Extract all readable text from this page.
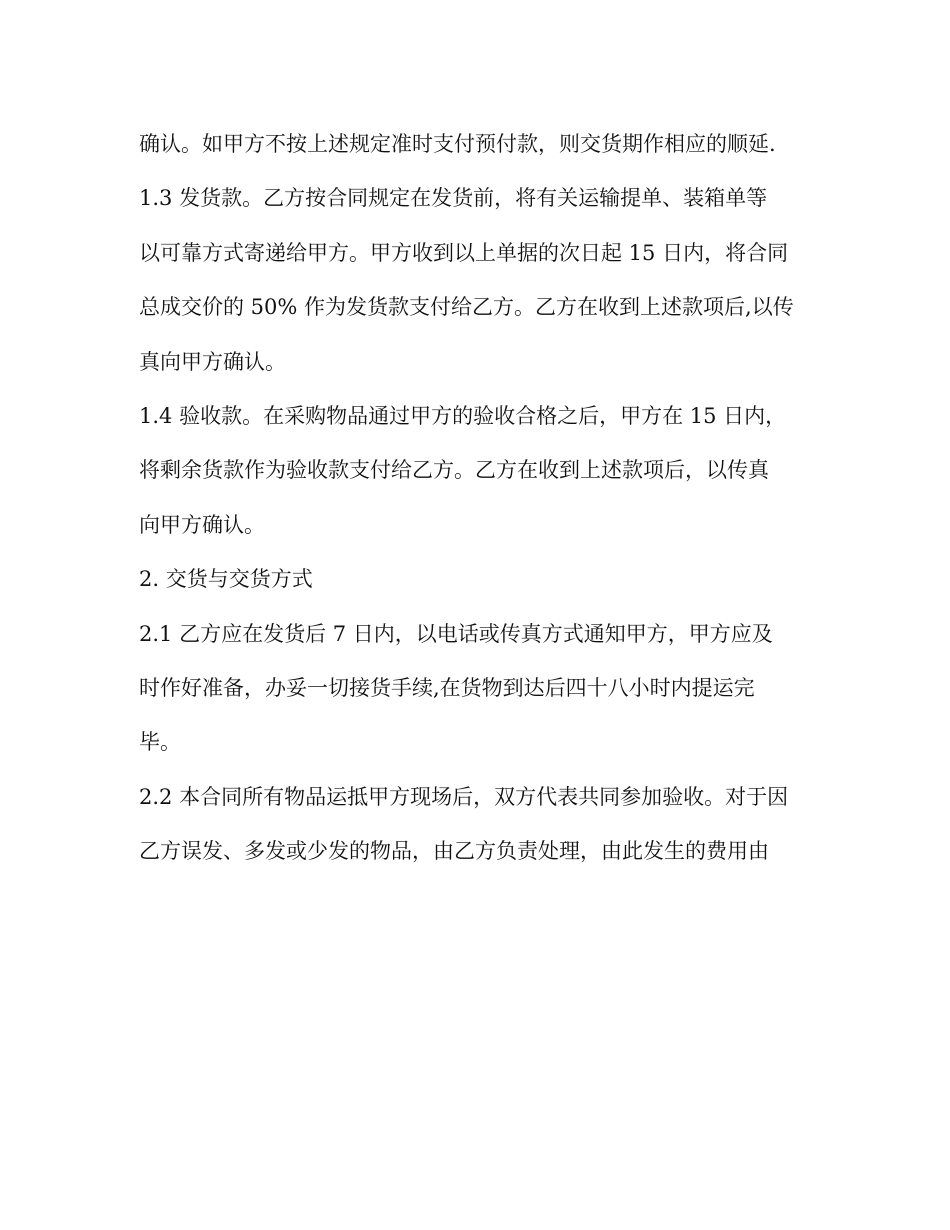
确认。如甲方不按上述规定准时支付预付款，则交货期作相应的顺延.
1.3 发货款。乙方按合同规定在发货前，将有关运输提单、装箱单等
以可靠方式寄递给甲方。甲方收到以上单据的次日起 15 日内，将合同
总成交价的 50% 作为发货款支付给乙方。乙方在收到上述款项后,以传
真向甲方确认。
1.4 验收款。在采购物品通过甲方的验收合格之后，甲方在 15 日内，
将剩余货款作为验收款支付给乙方。乙方在收到上述款项后，以传真
向甲方确认。
2. 交货与交货方式
2.1 乙方应在发货后 7 日内，以电话或传真方式通知甲方，甲方应及
时作好准备，办妥一切接货手续,在货物到达后四十八小时内提运完
毕。
2.2 本合同所有物品运抵甲方现场后，双方代表共同参加验收。对于因
乙方误发、多发或少发的物品，由乙方负责处理，由此发生的费用由
